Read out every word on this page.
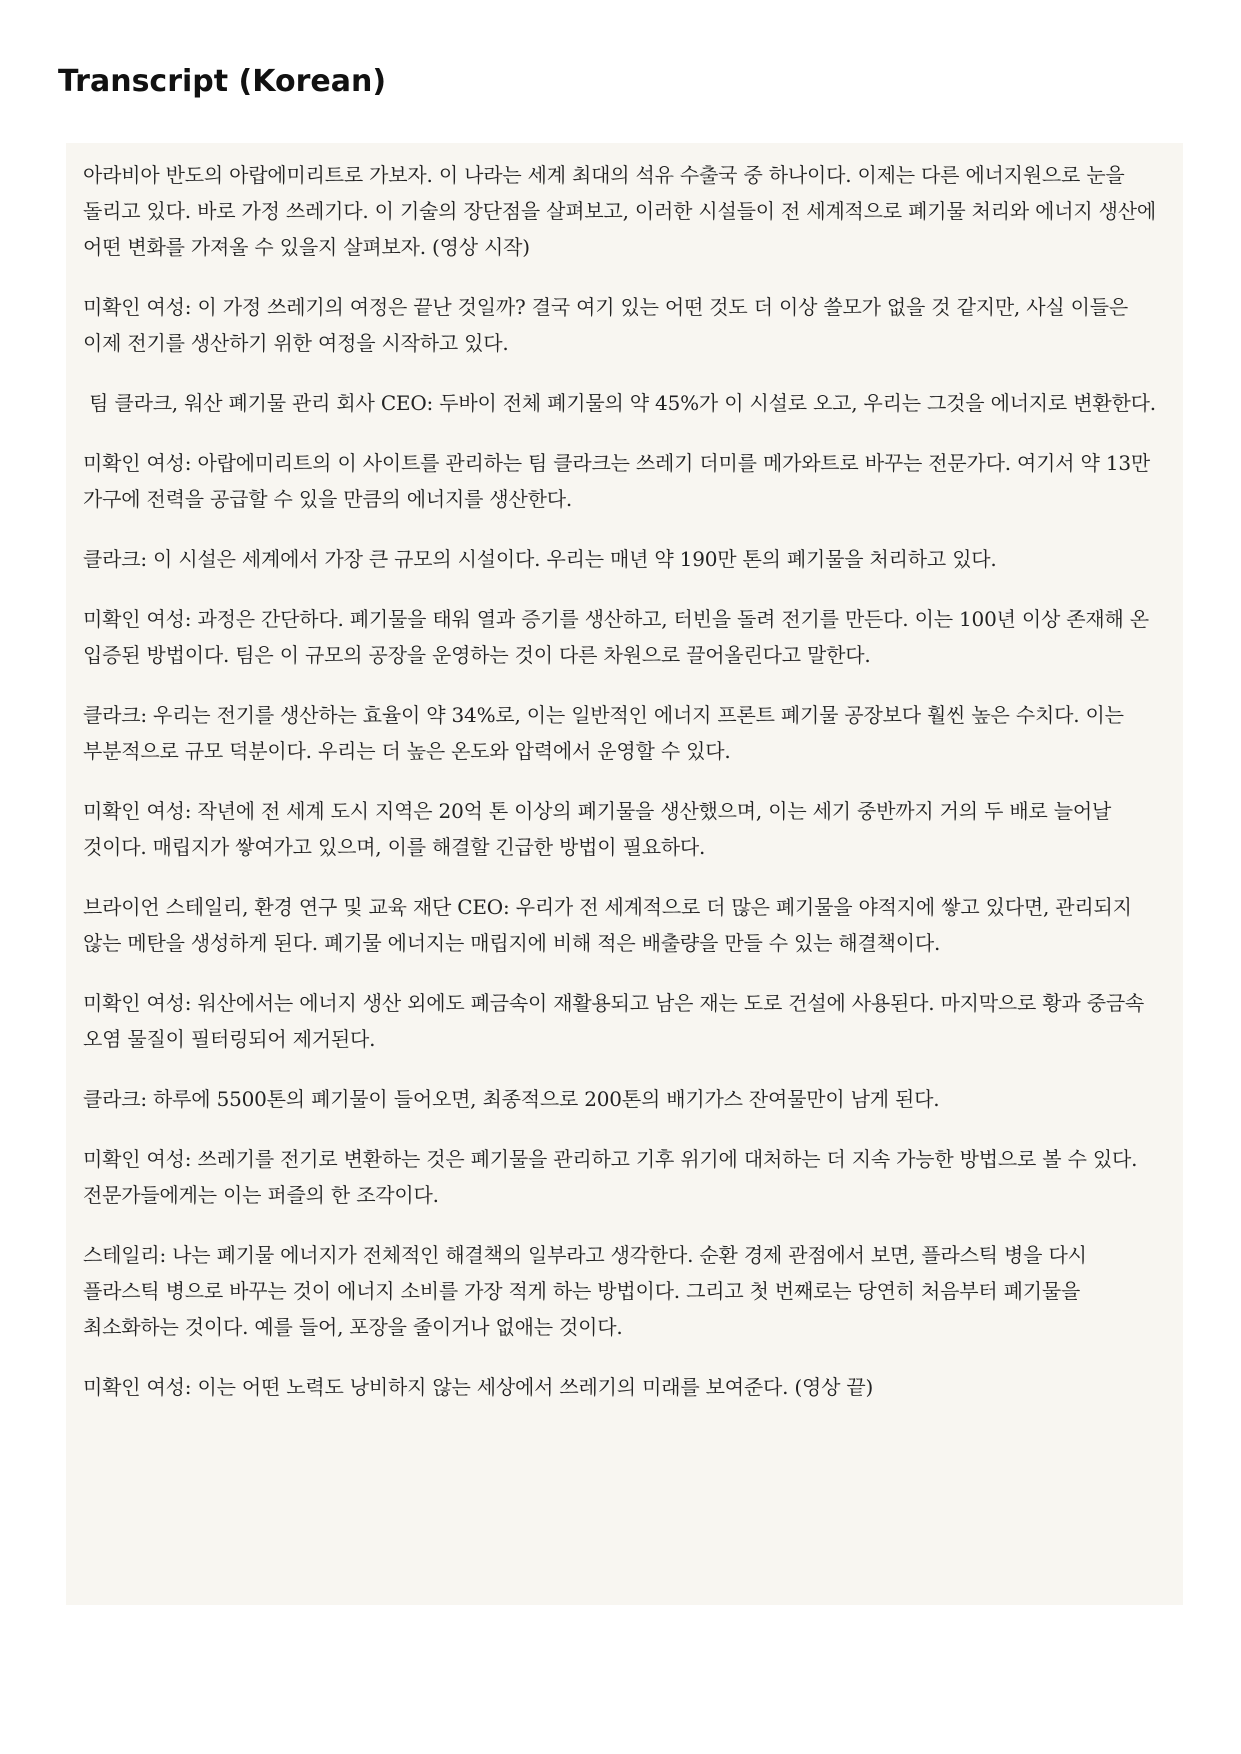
Transcript (Korean)

아라비아 반도의 아랍에미리트로 가보자. 이 나라는 세계 최대의 석유 수출국 중 하나이다. 이제는 다른 에너지원으로 눈을 돌리고 있다. 바로 가정 쓰레기다. 이 기술의 장단점을 살펴보고, 이러한 시설들이 전 세계적으로 폐기물 처리와 에너지 생산에 어떤 변화를 가져올 수 있을지 살펴보자. (영상 시작)

미확인 여성: 이 가정 쓰레기의 여정은 끝난 것일까? 결국 여기 있는 어떤 것도 더 이상 쓸모가 없을 것 같지만, 사실 이들은 이제 전기를 생산하기 위한 여정을 시작하고 있다.

팀 클라크, 워산 폐기물 관리 회사 CEO: 두바이 전체 폐기물의 약 45%가 이 시설로 오고, 우리는 그것을 에너지로 변환한다.

미확인 여성: 아랍에미리트의 이 사이트를 관리하는 팀 클라크는 쓰레기 더미를 메가와트로 바꾸는 전문가다. 여기서 약 13만 가구에 전력을 공급할 수 있을 만큼의 에너지를 생산한다.

클라크: 이 시설은 세계에서 가장 큰 규모의 시설이다. 우리는 매년 약 190만 톤의 폐기물을 처리하고 있다.

미확인 여성: 과정은 간단하다. 폐기물을 태워 열과 증기를 생산하고, 터빈을 돌려 전기를 만든다. 이는 100년 이상 존재해 온 입증된 방법이다. 팀은 이 규모의 공장을 운영하는 것이 다른 차원으로 끌어올린다고 말한다.

클라크: 우리는 전기를 생산하는 효율이 약 34%로, 이는 일반적인 에너지 프론트 폐기물 공장보다 훨씬 높은 수치다. 이는 부분적으로 규모 덕분이다. 우리는 더 높은 온도와 압력에서 운영할 수 있다.

미확인 여성: 작년에 전 세계 도시 지역은 20억 톤 이상의 폐기물을 생산했으며, 이는 세기 중반까지 거의 두 배로 늘어날 것이다. 매립지가 쌓여가고 있으며, 이를 해결할 긴급한 방법이 필요하다.

브라이언 스테일리, 환경 연구 및 교육 재단 CEO: 우리가 전 세계적으로 더 많은 폐기물을 야적지에 쌓고 있다면, 관리되지 않는 메탄을 생성하게 된다. 폐기물 에너지는 매립지에 비해 적은 배출량을 만들 수 있는 해결책이다.

미확인 여성: 워산에서는 에너지 생산 외에도 폐금속이 재활용되고 남은 재는 도로 건설에 사용된다. 마지막으로 황과 중금속 오염 물질이 필터링되어 제거된다.

클라크: 하루에 5500톤의 폐기물이 들어오면, 최종적으로 200톤의 배기가스 잔여물만이 남게 된다.

미확인 여성: 쓰레기를 전기로 변환하는 것은 폐기물을 관리하고 기후 위기에 대처하는 더 지속 가능한 방법으로 볼 수 있다. 전문가들에게는 이는 퍼즐의 한 조각이다.

스테일리: 나는 폐기물 에너지가 전체적인 해결책의 일부라고 생각한다. 순환 경제 관점에서 보면, 플라스틱 병을 다시 플라스틱 병으로 바꾸는 것이 에너지 소비를 가장 적게 하는 방법이다. 그리고 첫 번째로는 당연히 처음부터 폐기물을 최소화하는 것이다. 예를 들어, 포장을 줄이거나 없애는 것이다.

미확인 여성: 이는 어떤 노력도 낭비하지 않는 세상에서 쓰레기의 미래를 보여준다. (영상 끝)
